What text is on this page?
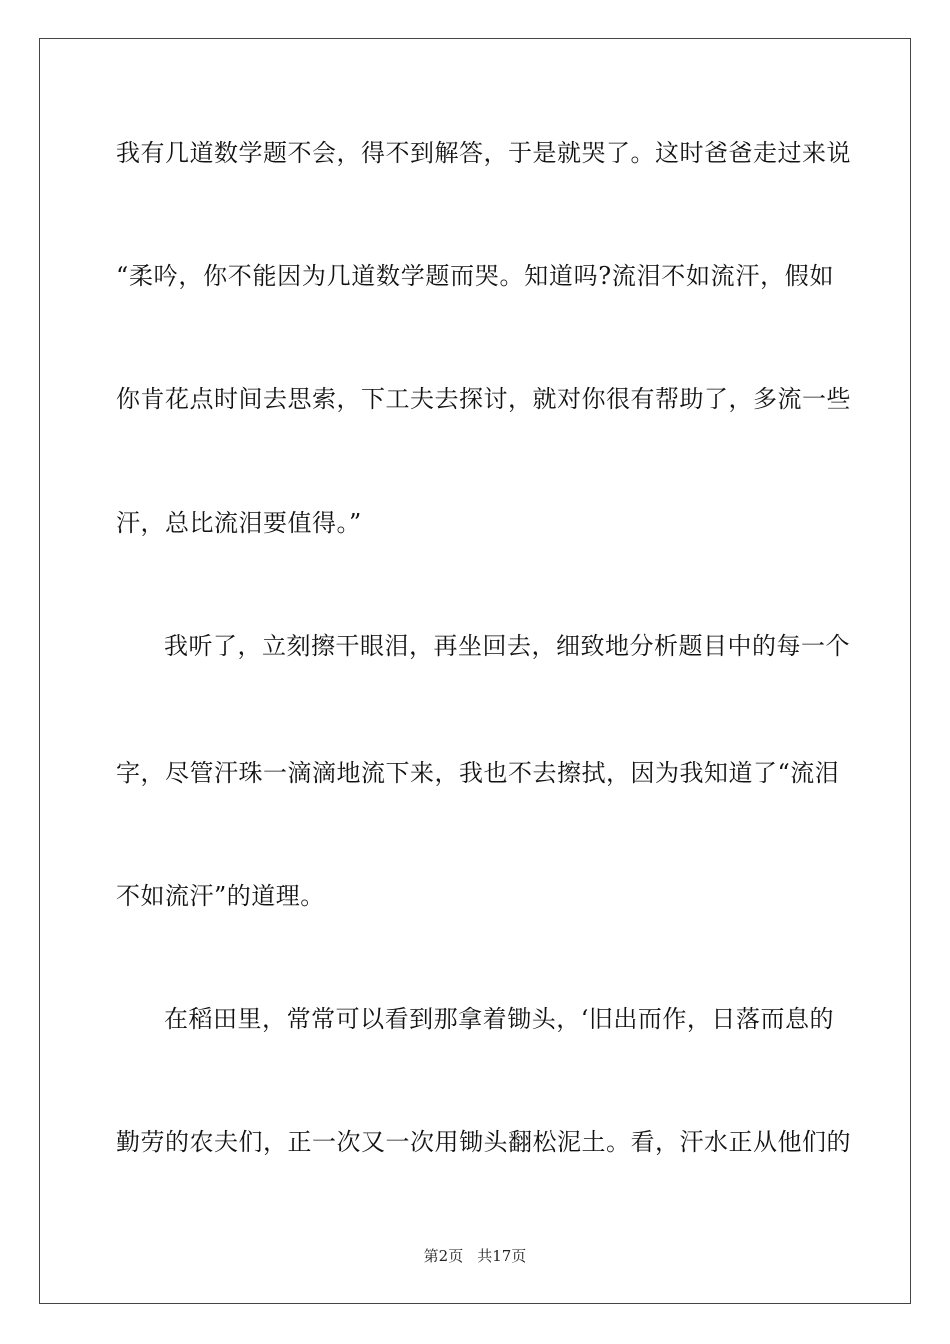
我有几道数学题不会，得不到解答，于是就哭了。这时爸爸走过来说
“柔吟，你不能因为几道数学题而哭。知道吗?流泪不如流汗，假如
你肯花点时间去思索，下工夫去探讨，就对你很有帮助了，多流一些
汗，总比流泪要值得。”
我听了，立刻擦干眼泪，再坐回去，细致地分析题目中的每一个
字，尽管汗珠一滴滴地流下来，我也不去擦拭，因为我知道了“流泪
不如流汗”的道理。
在稻田里，常常可以看到那拿着锄头，‘旧出而作，日落而息的
勤劳的农夫们，正一次又一次用锄头翻松泥土。看，汗水正从他们的
第2页 共17页
